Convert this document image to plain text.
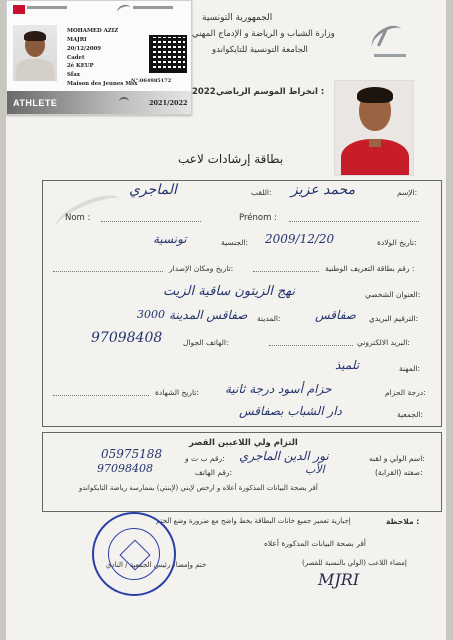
MOHAMED AZIZ
MAJRI
20/12/2009
Cadet
2è KEUP
Sfax
Maison des Jeunes Msx
N°:06498517​2
ATHLETE	2021/2022
الجمهورية التونسية
وزارة الشباب و الرياضة و الإدماج المهني
الجامعة التونسية للتايكواندو
انخراط الموسم الرياضي :
2022
بطاقة إرشادات لاعب
الإسم:
محمد عزيز
اللقب:
الماجري
Nom :	Prénom :
تاريخ الولادة:
2009/12/20
الجنسية:
تونسية
رقم بطاقة التعريف الوطنية :
تاريخ ومكان الإصدار:
العنوان الشخصي:
نهج الزيتون ساقية الزيت
الترقيم البريدي:
صفاقس
المدينة:
صفاقس المدينة
3000
البريد الالكتروني:
الهاتف الجوال:
97098408
المهنة:
تلميذ
درجة الحزام:
حزام أسود درجة ثانية
تاريخ الشهادة:
الجمعية:
دار الشباب بصفاقس
التزام ولي اللاعبين القصر
اسم الولي و لقبه:
نور الدين الماجري
رقم ب ت و:
05975188
صفته (القرابة):
الأب
رقم الهاتف:
97098408
أقر بصحة البيانات المذكورة أعلاه و ارخص لإبني (لإبنتي) بممارسة رياضة التايكواندو
ملاحظة :
إجبارية تعمير جميع خانات البطاقة بخط واضح مع ضرورة وضع الختم
أقر بصحة البيانات المذكورة أعلاه
إمضاء اللاعب (الولي بالنسبة للقصر)
ختم وإمضاء رئيس الجمعية / النادي
MJRI
